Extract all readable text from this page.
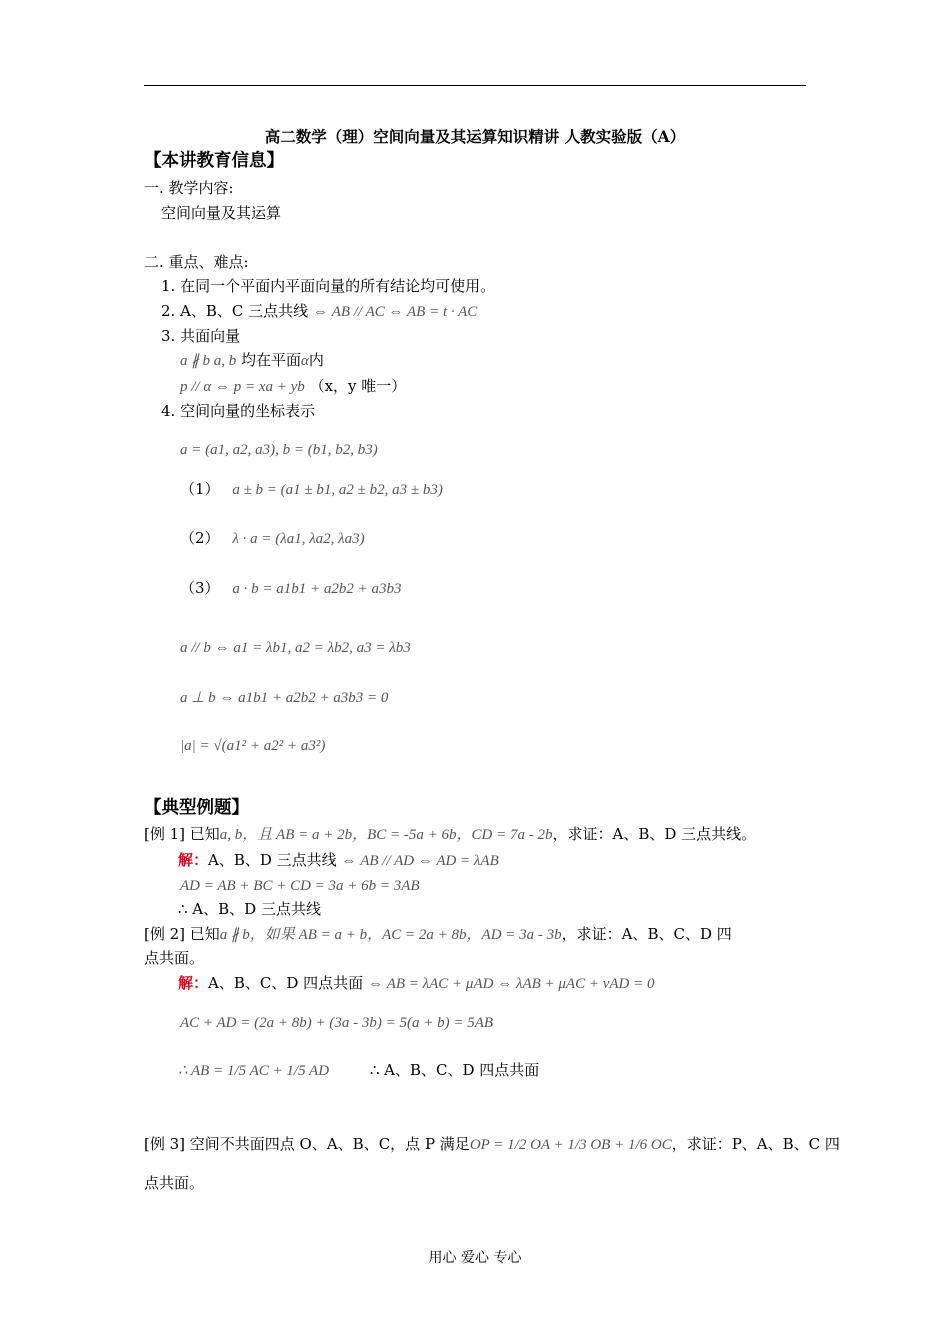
高二数学（理）空间向量及其运算知识精讲 人教实验版（A）
【本讲教育信息】
一. 教学内容:
空间向量及其运算
二. 重点、难点:
1. 在同一个平面内平面向量的所有结论均可使用。
2. A、B、C 三点共线 ⇔ AB // AC ⇔ AB = t · AC
3. 共面向量
a ∦ b a, b 均在平面α内
p // α ⇔ p = xa + yb （x，y 唯一）
4. 空间向量的坐标表示
a = (a1, a2, a3), b = (b1, b2, b3)
（1） a ± b = (a1 ± b1, a2 ± b2, a3 ± b3)
（2） λ · a = (λa1, λa2, λa3)
（3） a · b = a1b1 + a2b2 + a3b3
a // b ⇔ a1 = λb1, a2 = λb2, a3 = λb3
a ⊥ b ⇔ a1b1 + a2b2 + a3b3 = 0
|a| = √(a1² + a2² + a3²)
【典型例题】
[例 1] 已知a, b，且 AB = a + 2b，BC = -5a + 6b，CD = 7a - 2b，求证：A、B、D 三点共线。
解：A、B、D 三点共线 ⇔ AB // AD ⇔ AD = λAB
AD = AB + BC + CD = 3a + 6b = 3AB
∴ A、B、D 三点共线
[例 2] 已知a ∦ b，如果 AB = a + b，AC = 2a + 8b，AD = 3a - 3b，求证：A、B、C、D 四
点共面。
解：A、B、C、D 四点共面 ⇔ AB = λAC + μAD ⇔ λAB + μAC + νAD = 0
AC + AD = (2a + 8b) + (3a - 3b) = 5(a + b) = 5AB
∴ AB = 1/5 AC + 1/5 AD	∴ A、B、C、D 四点共面
[例 3] 空间不共面四点 O、A、B、C，点 P 满足OP = 1/2 OA + 1/3 OB + 1/6 OC，求证：P、A、B、C 四
点共面。
用心 爱心 专心
